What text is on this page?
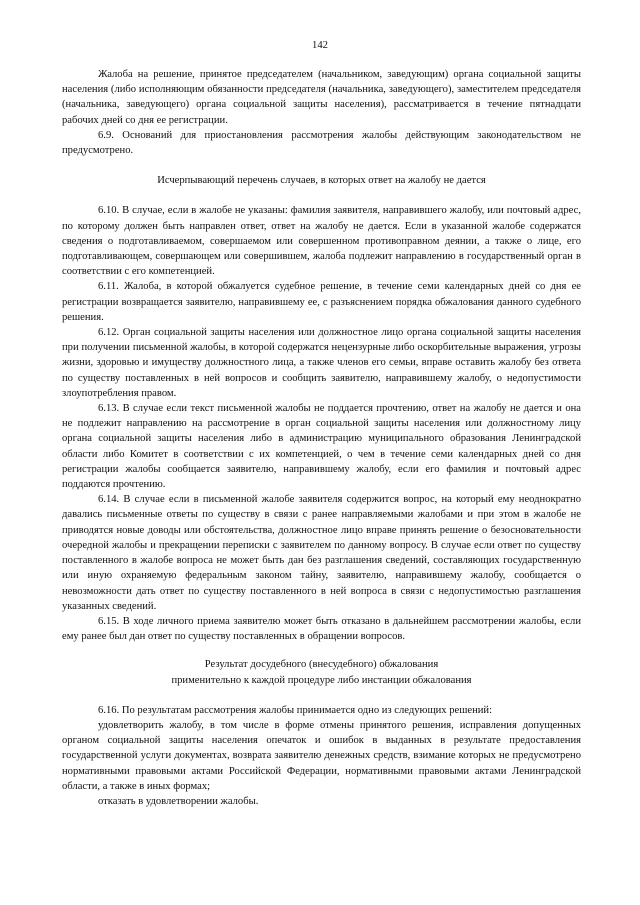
142

Жалоба на решение, принятое председателем (начальником, заведующим) органа социальной защиты населения (либо исполняющим обязанности председателя (начальника, заведующего), заместителем председателя (начальника, заведующего) органа социальной защиты населения), рассматривается в течение пятнадцати рабочих дней со дня ее регистрации.

6.9. Оснований для приостановления рассмотрения жалобы действующим законодательством не предусмотрено.

Исчерпывающий перечень случаев, в которых ответ на жалобу не дается

6.10. В случае, если в жалобе не указаны: фамилия заявителя, направившего жалобу, или почтовый адрес, по которому должен быть направлен ответ, ответ на жалобу не дается. Если в указанной жалобе содержатся сведения о подготавливаемом, совершаемом или совершенном противоправном деянии, а также о лице, его подготавливающем, совершающем или совершившем, жалоба подлежит направлению в государственный орган в соответствии с его компетенцией.

6.11. Жалоба, в которой обжалуется судебное решение, в течение семи календарных дней со дня ее регистрации возвращается заявителю, направившему ее, с разъяснением порядка обжалования данного судебного решения.

6.12. Орган социальной защиты населения или должностное лицо органа социальной защиты населения при получении письменной жалобы, в которой содержатся нецензурные либо оскорбительные выражения, угрозы жизни, здоровью и имуществу должностного лица, а также членов его семьи, вправе оставить жалобу без ответа по существу поставленных в ней вопросов и сообщить заявителю, направившему жалобу, о недопустимости злоупотребления правом.

6.13. В случае если текст письменной жалобы не поддается прочтению, ответ на жалобу не дается и она не подлежит направлению на рассмотрение в орган социальной защиты населения или должностному лицу органа социальной защиты населения либо в администрацию муниципального образования Ленинградской области либо Комитет в соответствии с их компетенцией, о чем в течение семи календарных дней со дня регистрации жалобы сообщается заявителю, направившему жалобу, если его фамилия и почтовый адрес поддаются прочтению.

6.14. В случае если в письменной жалобе заявителя содержится вопрос, на который ему неоднократно давались письменные ответы по существу в связи с ранее направляемыми жалобами и при этом в жалобе не приводятся новые доводы или обстоятельства, должностное лицо вправе принять решение о безосновательности очередной жалобы и прекращении переписки с заявителем по данному вопросу. В случае если ответ по существу поставленного в жалобе вопроса не может быть дан без разглашения сведений, составляющих государственную или иную охраняемую федеральным законом тайну, заявителю, направившему жалобу, сообщается о невозможности дать ответ по существу поставленного в ней вопроса в связи с недопустимостью разглашения указанных сведений.

6.15. В ходе личного приема заявителю может быть отказано в дальнейшем рассмотрении жалобы, если ему ранее был дан ответ по существу поставленных в обращении вопросов.

Результат досудебного (внесудебного) обжалования

применительно к каждой процедуре либо инстанции обжалования

6.16. По результатам рассмотрения жалобы принимается одно из следующих решений:

удовлетворить жалобу, в том числе в форме отмены принятого решения, исправления допущенных органом социальной защиты населения опечаток и ошибок в выданных в результате предоставления государственной услуги документах, возврата заявителю денежных средств, взимание которых не предусмотрено нормативными правовыми актами Российской Федерации, нормативными правовыми актами Ленинградской области, а также в иных формах;

отказать в удовлетворении жалобы.
